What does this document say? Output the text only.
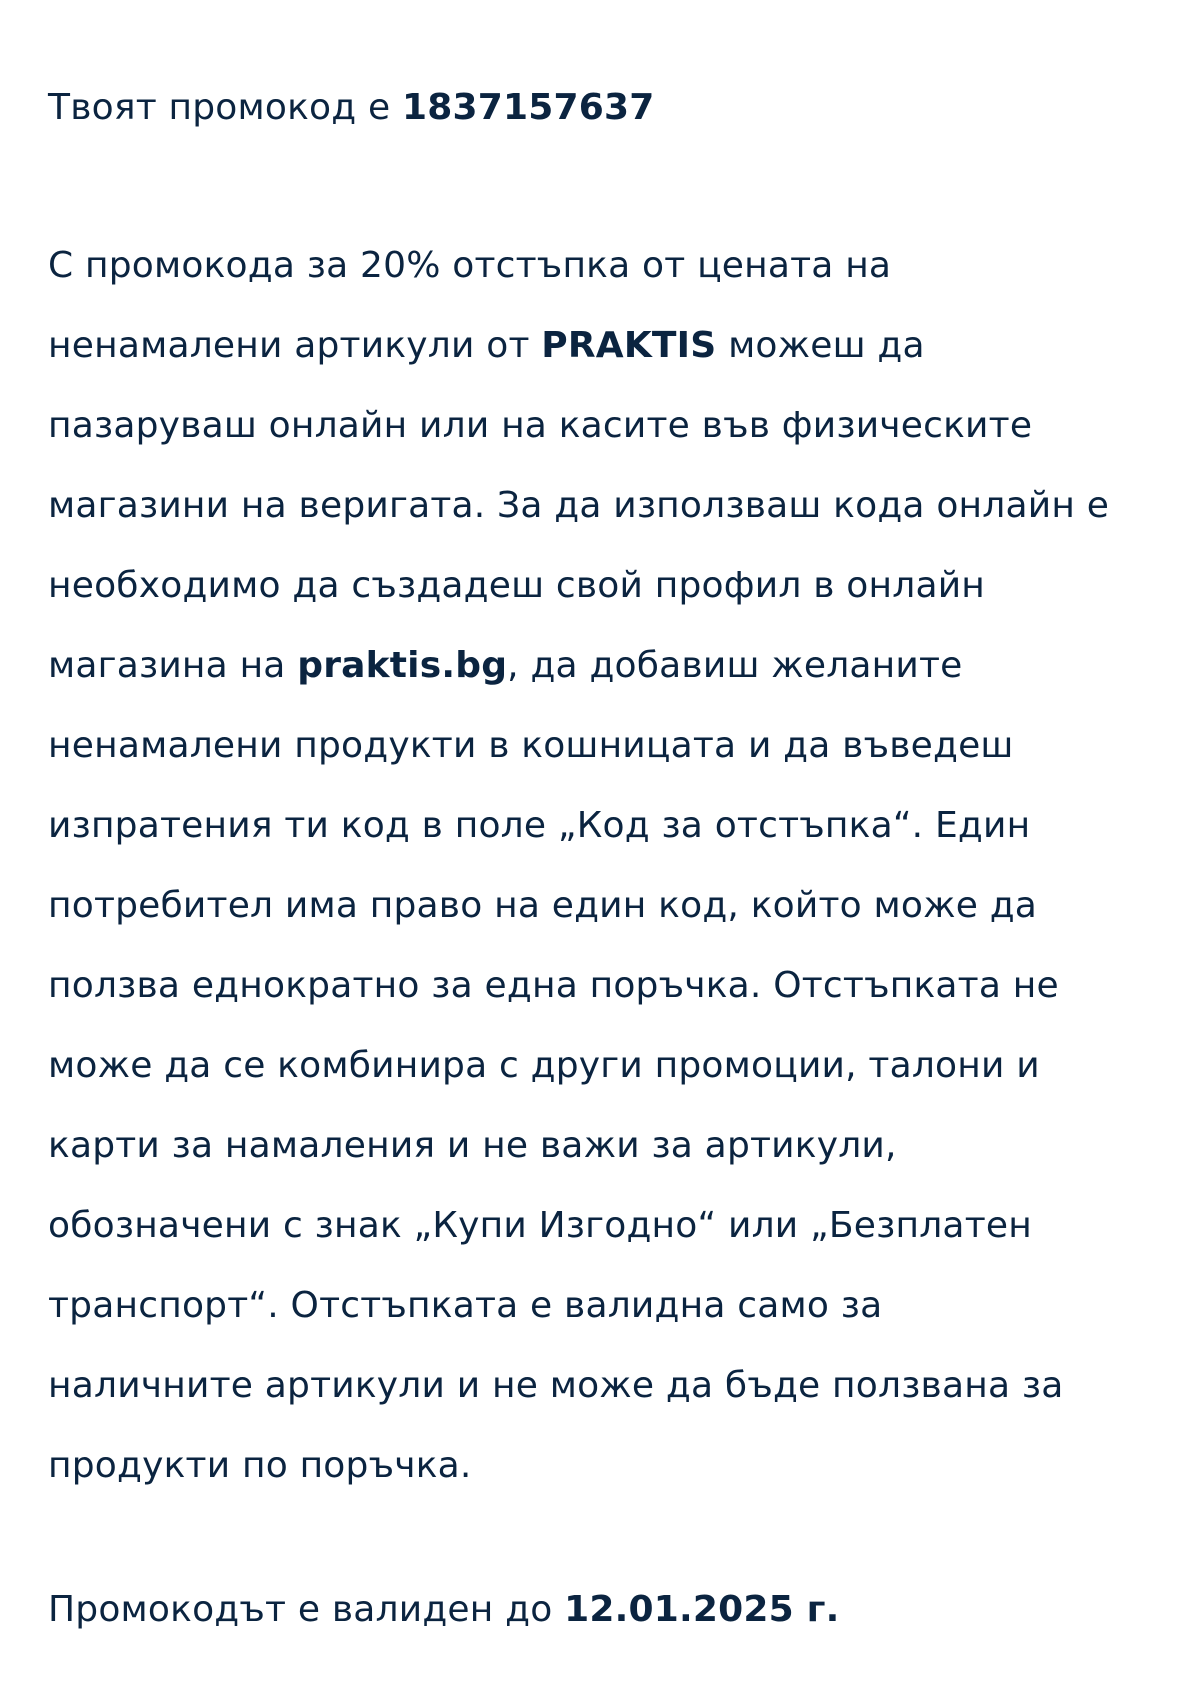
Твоят промокод е 1837157637

С промокода за 20% отстъпка от цената на

ненамалени артикули от PRAKTIS можеш да

пазаруваш онлайн или на касите във физическите

магазини на веригата. За да използваш кода онлайн е

необходимо да създадеш свой профил в онлайн

магазина на praktis.bg, да добавиш желаните

ненамалени продукти в кошницата и да въведеш

изпратения ти код в поле „Код за отстъпка“. Един

потребител има право на един код, който може да

ползва еднократно за една поръчка. Отстъпката не

може да се комбинира с други промоции, талони и

карти за намаления и не важи за артикули,

обозначени с знак „Купи Изгодно“ или „Безплатен

транспорт“. Отстъпката е валидна само за

наличните артикули и не може да бъде ползвана за

продукти по поръчка.

Промокодът е валиден до 12.01.2025 г.
